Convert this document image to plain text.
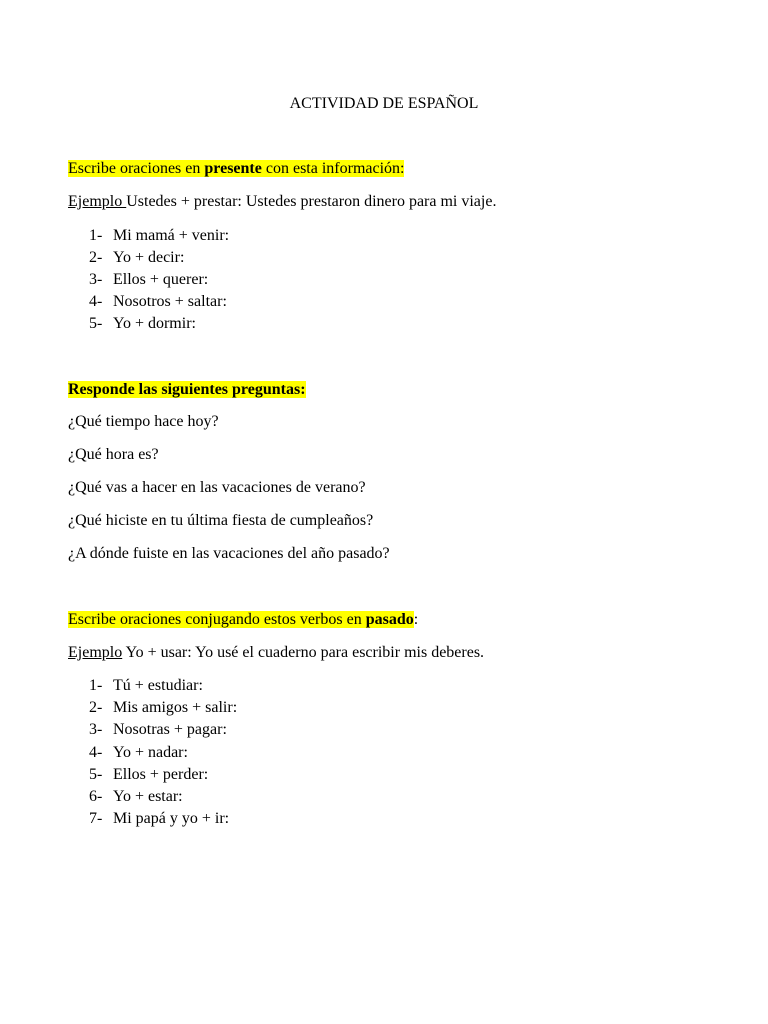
ACTIVIDAD DE ESPAÑOL
Escribe oraciones en presente con esta información:
Ejemplo Ustedes + prestar: Ustedes prestaron dinero para mi viaje.
1- Mi mamá + venir:
2- Yo + decir:
3- Ellos + querer:
4- Nosotros + saltar:
5- Yo + dormir:
Responde las siguientes preguntas:
¿Qué tiempo hace hoy?
¿Qué hora es?
¿Qué vas a hacer en las vacaciones de verano?
¿Qué hiciste en tu última fiesta de cumpleaños?
¿A dónde fuiste en las vacaciones del año pasado?
Escribe oraciones conjugando estos verbos en pasado:
Ejemplo Yo + usar: Yo usé el cuaderno para escribir mis deberes.
1- Tú + estudiar:
2- Mis amigos + salir:
3- Nosotras + pagar:
4- Yo + nadar:
5- Ellos + perder:
6- Yo + estar:
7- Mi papá y yo + ir:
